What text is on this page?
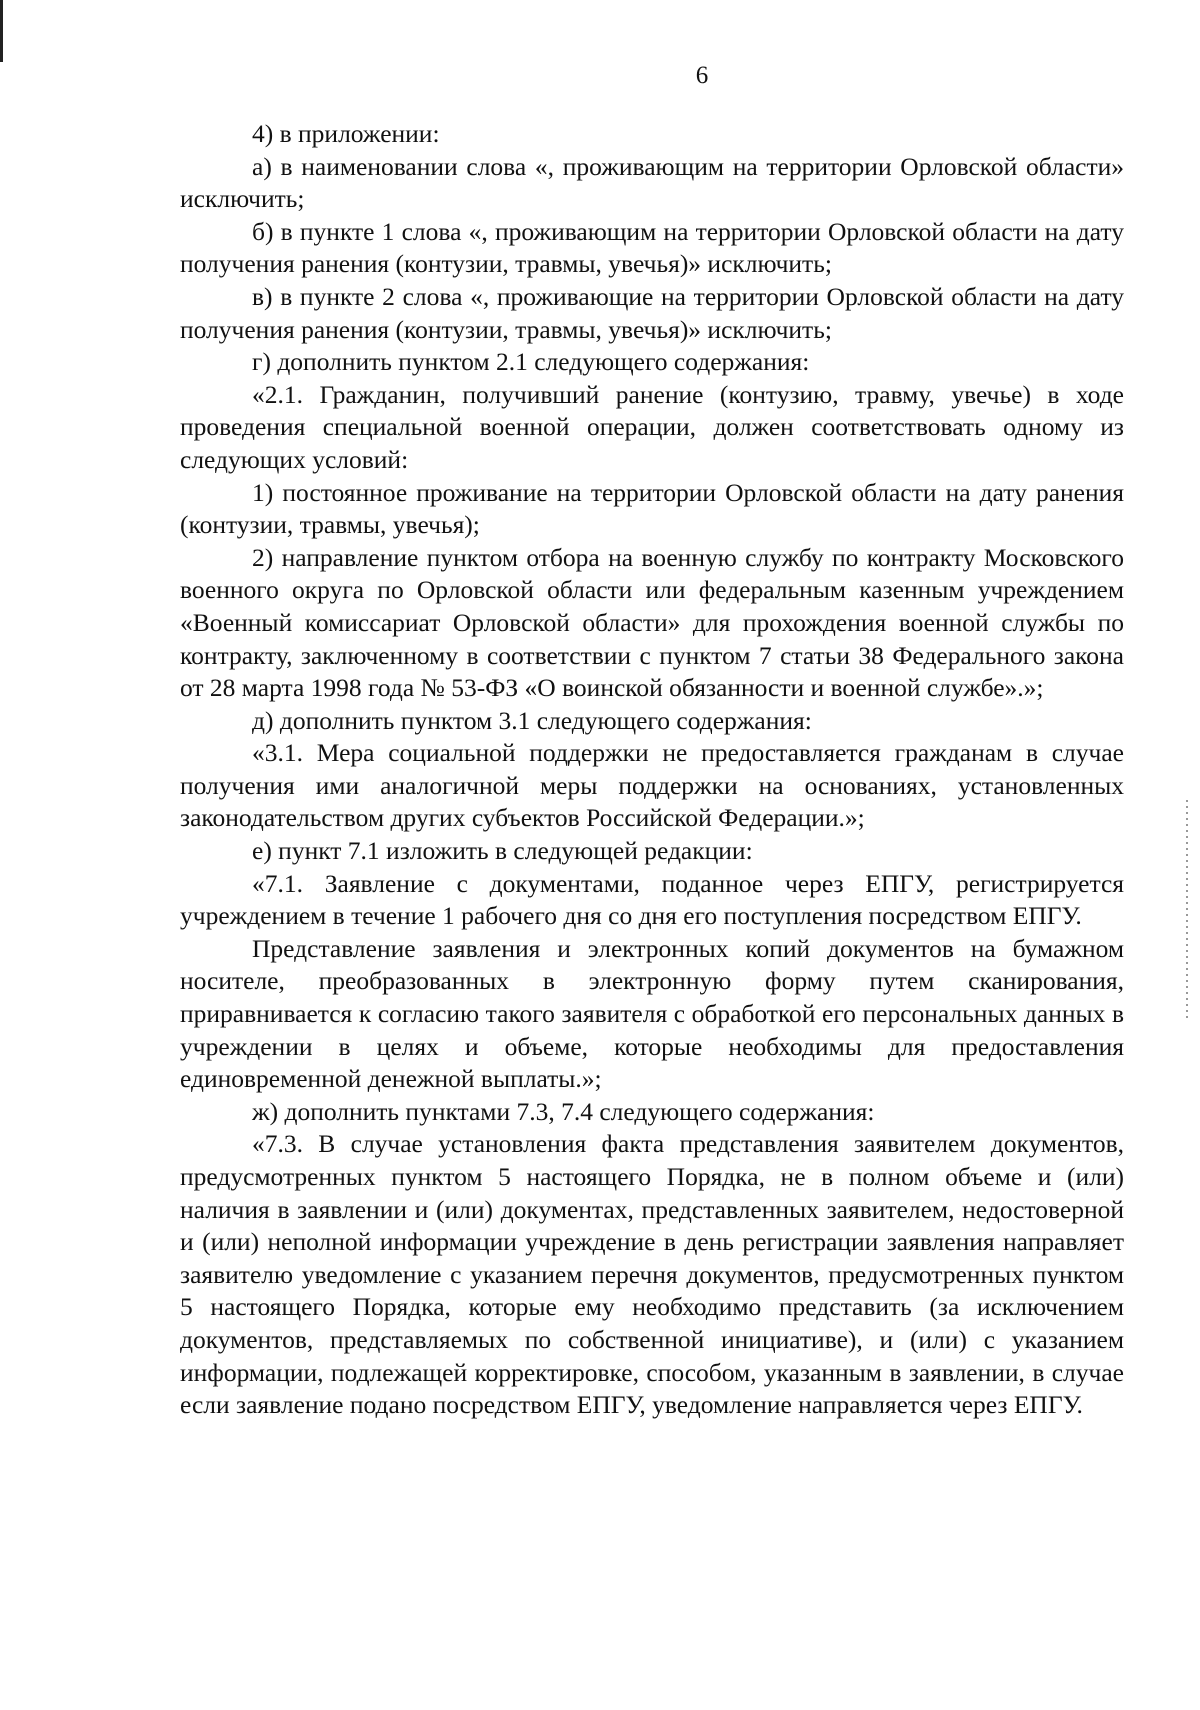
6

4) в приложении:

а) в наименовании слова «, проживающим на территории Орловской области» исключить;

б) в пункте 1 слова «, проживающим на территории Орловской области на дату получения ранения (контузии, травмы, увечья)» исключить;

в) в пункте 2 слова «, проживающие на территории Орловской области на дату получения ранения (контузии, травмы, увечья)» исключить;

г) дополнить пунктом 2.1 следующего содержания:

«2.1. Гражданин, получивший ранение (контузию, травму, увечье) в ходе проведения специальной военной операции, должен соответствовать одному из следующих условий:

1) постоянное проживание на территории Орловской области на дату ранения (контузии, травмы, увечья);

2) направление пунктом отбора на военную службу по контракту Московского военного округа по Орловской области или федеральным казенным учреждением «Военный комиссариат Орловской области» для прохождения военной службы по контракту, заключенному в соответствии с пунктом 7 статьи 38 Федерального закона от 28 марта 1998 года № 53-ФЗ «О воинской обязанности и военной службе».»;

д) дополнить пунктом 3.1 следующего содержания:

«3.1. Мера социальной поддержки не предоставляется гражданам в случае получения ими аналогичной меры поддержки на основаниях, установленных законодательством других субъектов Российской Федерации.»;

е) пункт 7.1 изложить в следующей редакции:

«7.1. Заявление с документами, поданное через ЕПГУ, регистрируется учреждением в течение 1 рабочего дня со дня его поступления посредством ЕПГУ.

Представление заявления и электронных копий документов на бумажном носителе, преобразованных в электронную форму путем сканирования, приравнивается к согласию такого заявителя с обработкой его персональных данных в учреждении в целях и объеме, которые необходимы для предоставления единовременной денежной выплаты.»;

ж) дополнить пунктами 7.3, 7.4 следующего содержания:

«7.3. В случае установления факта представления заявителем документов, предусмотренных пунктом 5 настоящего Порядка, не в полном объеме и (или) наличия в заявлении и (или) документах, представленных заявителем, недостоверной и (или) неполной информации учреждение в день регистрации заявления направляет заявителю уведомление с указанием перечня документов, предусмотренных пунктом 5 настоящего Порядка, которые ему необходимо представить (за исключением документов, представляемых по собственной инициативе), и (или) с указанием информации, подлежащей корректировке, способом, указанным в заявлении, в случае если заявление подано посредством ЕПГУ, уведомление направляется через ЕПГУ.
